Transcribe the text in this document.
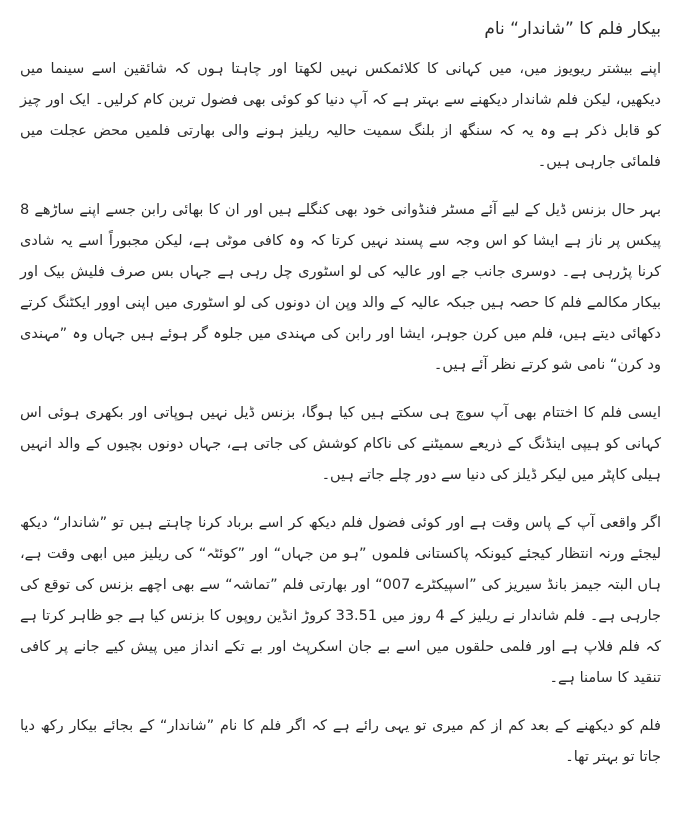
بیکار فلم کا ”شاندار“ نام

اپنے بیشتر ریویوز میں، میں کہانی کا کلائمکس نہیں لکھتا اور چاہتا ہوں کہ شائقین اسے سینما میں دیکھیں، لیکن فلم شاندار دیکھنے سے بہتر ہے کہ آپ دنیا کو کوئی بھی فضول ترین کام کرلیں۔ ایک اور چیز کو قابل ذکر ہے وہ یہ کہ سنگھ از بلنگ سمیت حالیہ ریلیز ہونے والی بھارتی فلمیں محض عجلت میں فلمائی جارہی ہیں۔

بہر حال بزنس ڈیل کے لیے آئے مسٹر فنڈوانی خود بھی کنگلے ہیں اور ان کا بھائی رابن جسے اپنے ساڑھے 8 پیکس پر ناز ہے ایشا کو اس وجہ سے پسند نہیں کرتا کہ وہ کافی موٹی ہے، لیکن مجبوراً اسے یہ شادی کرنا پڑرہی ہے۔ دوسری جانب جے اور عالیہ کی لو اسٹوری چل رہی ہے جہاں بس صرف فلیش بیک اور بیکار مکالمے فلم کا حصہ ہیں جبکہ عالیہ کے والد وپن ان دونوں کی لو اسٹوری میں اپنی اوور ایکٹنگ کرتے دکھائی دیتے ہیں، فلم میں کرن جوہر، ایشا اور رابن کی مہندی میں جلوہ گر ہوئے ہیں جہاں وہ ”مہندی ود کرن“ نامی شو کرتے نظر آئے ہیں۔

ایسی فلم کا اختتام بھی آپ سوچ ہی سکتے ہیں کیا ہوگا، بزنس ڈیل نہیں ہوپاتی اور بکھری ہوئی اس کہانی کو ہیپی اینڈنگ کے ذریعے سمیٹنے کی ناکام کوشش کی جاتی ہے، جہاں دونوں بچیوں کے والد انہیں ہیلی کاپٹر میں لیکر ڈیلز کی دنیا سے دور چلے جاتے ہیں۔

اگر واقعی آپ کے پاس وقت ہے اور کوئی فضول فلم دیکھ کر اسے برباد کرنا چاہتے ہیں تو ”شاندار“ دیکھ لیجئے ورنہ انتظار کیجئے کیونکہ پاکستانی فلموں ”ہو من جہاں“ اور ”کوئٹہ“ کی ریلیز میں ابھی وقت ہے، ہاں البتہ جیمز بانڈ سیریز کی ”اسپیکٹرے 007“ اور بھارتی فلم ”تماشہ“ سے بھی اچھے بزنس کی توقع کی جارہی ہے۔ فلم شاندار نے ریلیز کے 4 روز میں 33.51 کروڑ انڈین روپوں کا بزنس کیا ہے جو ظاہر کرتا ہے کہ فلم فلاپ ہے اور فلمی حلقوں میں اسے بے جان اسکرپٹ اور بے تکے انداز میں پیش کیے جانے پر کافی تنقید کا سامنا ہے۔

فلم کو دیکھنے کے بعد کم از کم میری تو یہی رائے ہے کہ اگر فلم کا نام ”شاندار“ کے بجائے بیکار رکھ دیا جاتا تو بہتر تھا۔
